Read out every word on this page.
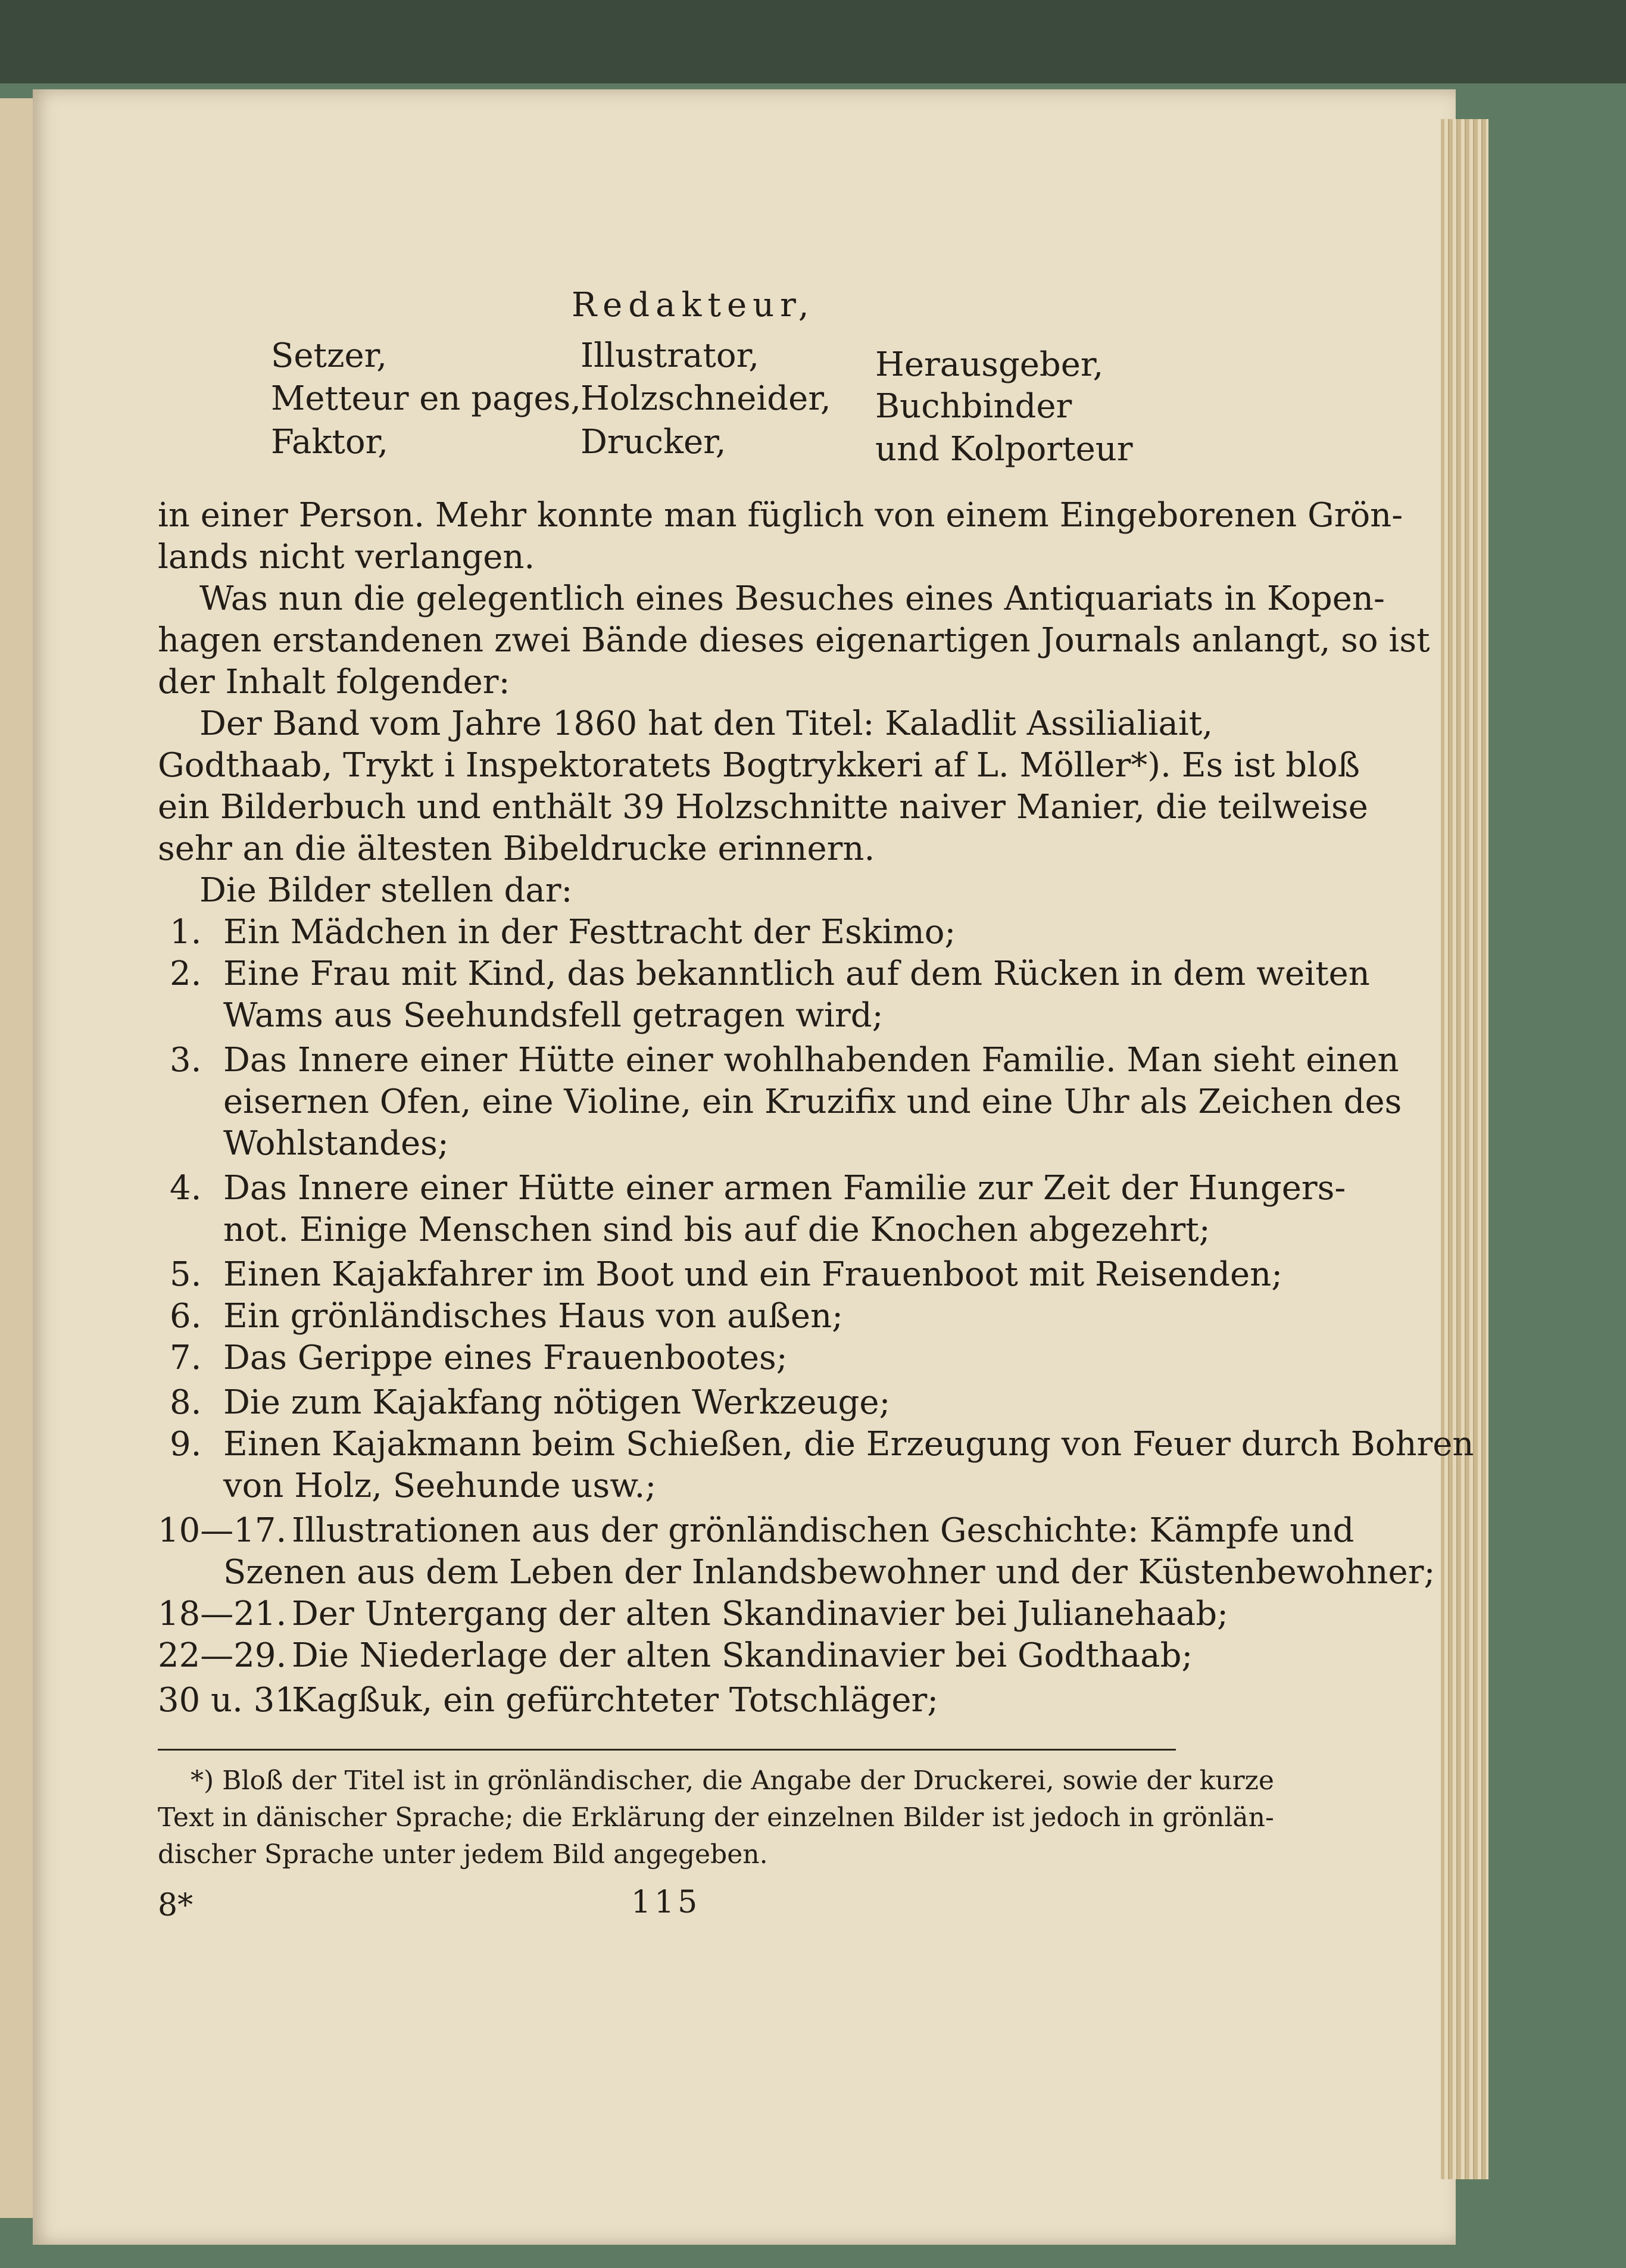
Redakteur,
Setzer,
Metteur en pages,
Faktor,
Illustrator,
Holzschneider,
Drucker,
Herausgeber,
Buchbinder
und Kolporteur
in einer Person. Mehr konnte man füglich von einem Eingeborenen Grön-
lands nicht verlangen.
Was nun die gelegentlich eines Besuches eines Antiquariats in Kopen-
hagen erstandenen zwei Bände dieses eigenartigen Journals anlangt, so ist
der Inhalt folgender:
Der Band vom Jahre 1860 hat den Titel: Kaladlit Assilialiait,
Godthaab, Trykt i Inspektoratets Bogtrykkeri af L. Möller*). Es ist bloß
ein Bilderbuch und enthält 39 Holzschnitte naiver Manier, die teilweise
sehr an die ältesten Bibeldrucke erinnern.
Die Bilder stellen dar:
1. Ein Mädchen in der Festtracht der Eskimo;
2. Eine Frau mit Kind, das bekanntlich auf dem Rücken in dem weiten
Wams aus Seehundsfell getragen wird;
3. Das Innere einer Hütte einer wohlhabenden Familie. Man sieht einen
eisernen Ofen, eine Violine, ein Kruzifix und eine Uhr als Zeichen des
Wohlstandes;
4. Das Innere einer Hütte einer armen Familie zur Zeit der Hungers-
not. Einige Menschen sind bis auf die Knochen abgezehrt;
5. Einen Kajakfahrer im Boot und ein Frauenboot mit Reisenden;
6. Ein grönländisches Haus von außen;
7. Das Gerippe eines Frauenbootes;
8. Die zum Kajakfang nötigen Werkzeuge;
9. Einen Kajakmann beim Schießen, die Erzeugung von Feuer durch Bohren
von Holz, Seehunde usw.;
10—17. Illustrationen aus der grönländischen Geschichte: Kämpfe und
Szenen aus dem Leben der Inlandsbewohner und der Küstenbewohner;
18—21. Der Untergang der alten Skandinavier bei Julianehaab;
22—29. Die Niederlage der alten Skandinavier bei Godthaab;
30 u. 31.
Kagßuk, ein gefürchteter Totschläger;
*) Bloß der Titel ist in grönländischer, die Angabe der Druckerei, sowie der kurze
Text in dänischer Sprache; die Erklärung der einzelnen Bilder ist jedoch in grönlän-
discher Sprache unter jedem Bild angegeben.
8*	115
